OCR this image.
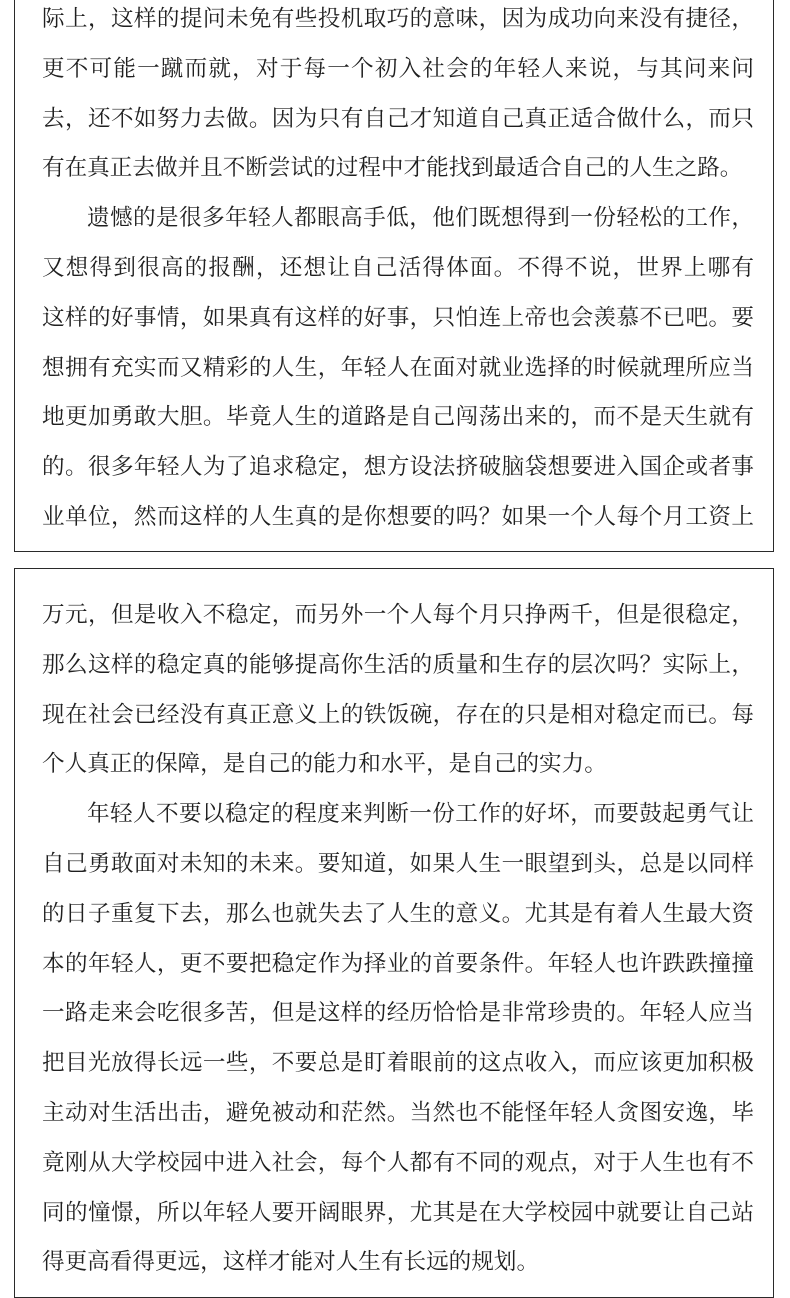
际上，这样的提问未免有些投机取巧的意味，因为成功向来没有捷径，
更不可能一蹴而就，对于每一个初入社会的年轻人来说，与其问来问
去，还不如努力去做。因为只有自己才知道自己真正适合做什么，而只
有在真正去做并且不断尝试的过程中才能找到最适合自己的人生之路。
遗憾的是很多年轻人都眼高手低，他们既想得到一份轻松的工作，
又想得到很高的报酬，还想让自己活得体面。不得不说，世界上哪有
这样的好事情，如果真有这样的好事，只怕连上帝也会羡慕不已吧。要
想拥有充实而又精彩的人生，年轻人在面对就业选择的时候就理所应当
地更加勇敢大胆。毕竟人生的道路是自己闯荡出来的，而不是天生就有
的。很多年轻人为了追求稳定，想方设法挤破脑袋想要进入国企或者事
业单位，然而这样的人生真的是你想要的吗？如果一个人每个月工资上
万元，但是收入不稳定，而另外一个人每个月只挣两千，但是很稳定，
那么这样的稳定真的能够提高你生活的质量和生存的层次吗？实际上，
现在社会已经没有真正意义上的铁饭碗，存在的只是相对稳定而已。每
个人真正的保障，是自己的能力和水平，是自己的实力。
年轻人不要以稳定的程度来判断一份工作的好坏，而要鼓起勇气让
自己勇敢面对未知的未来。要知道，如果人生一眼望到头，总是以同样
的日子重复下去，那么也就失去了人生的意义。尤其是有着人生最大资
本的年轻人，更不要把稳定作为择业的首要条件。年轻人也许跌跌撞撞
一路走来会吃很多苦，但是这样的经历恰恰是非常珍贵的。年轻人应当
把目光放得长远一些，不要总是盯着眼前的这点收入，而应该更加积极
主动对生活出击，避免被动和茫然。当然也不能怪年轻人贪图安逸，毕
竟刚从大学校园中进入社会，每个人都有不同的观点，对于人生也有不
同的憧憬，所以年轻人要开阔眼界，尤其是在大学校园中就要让自己站
得更高看得更远，这样才能对人生有长远的规划。
